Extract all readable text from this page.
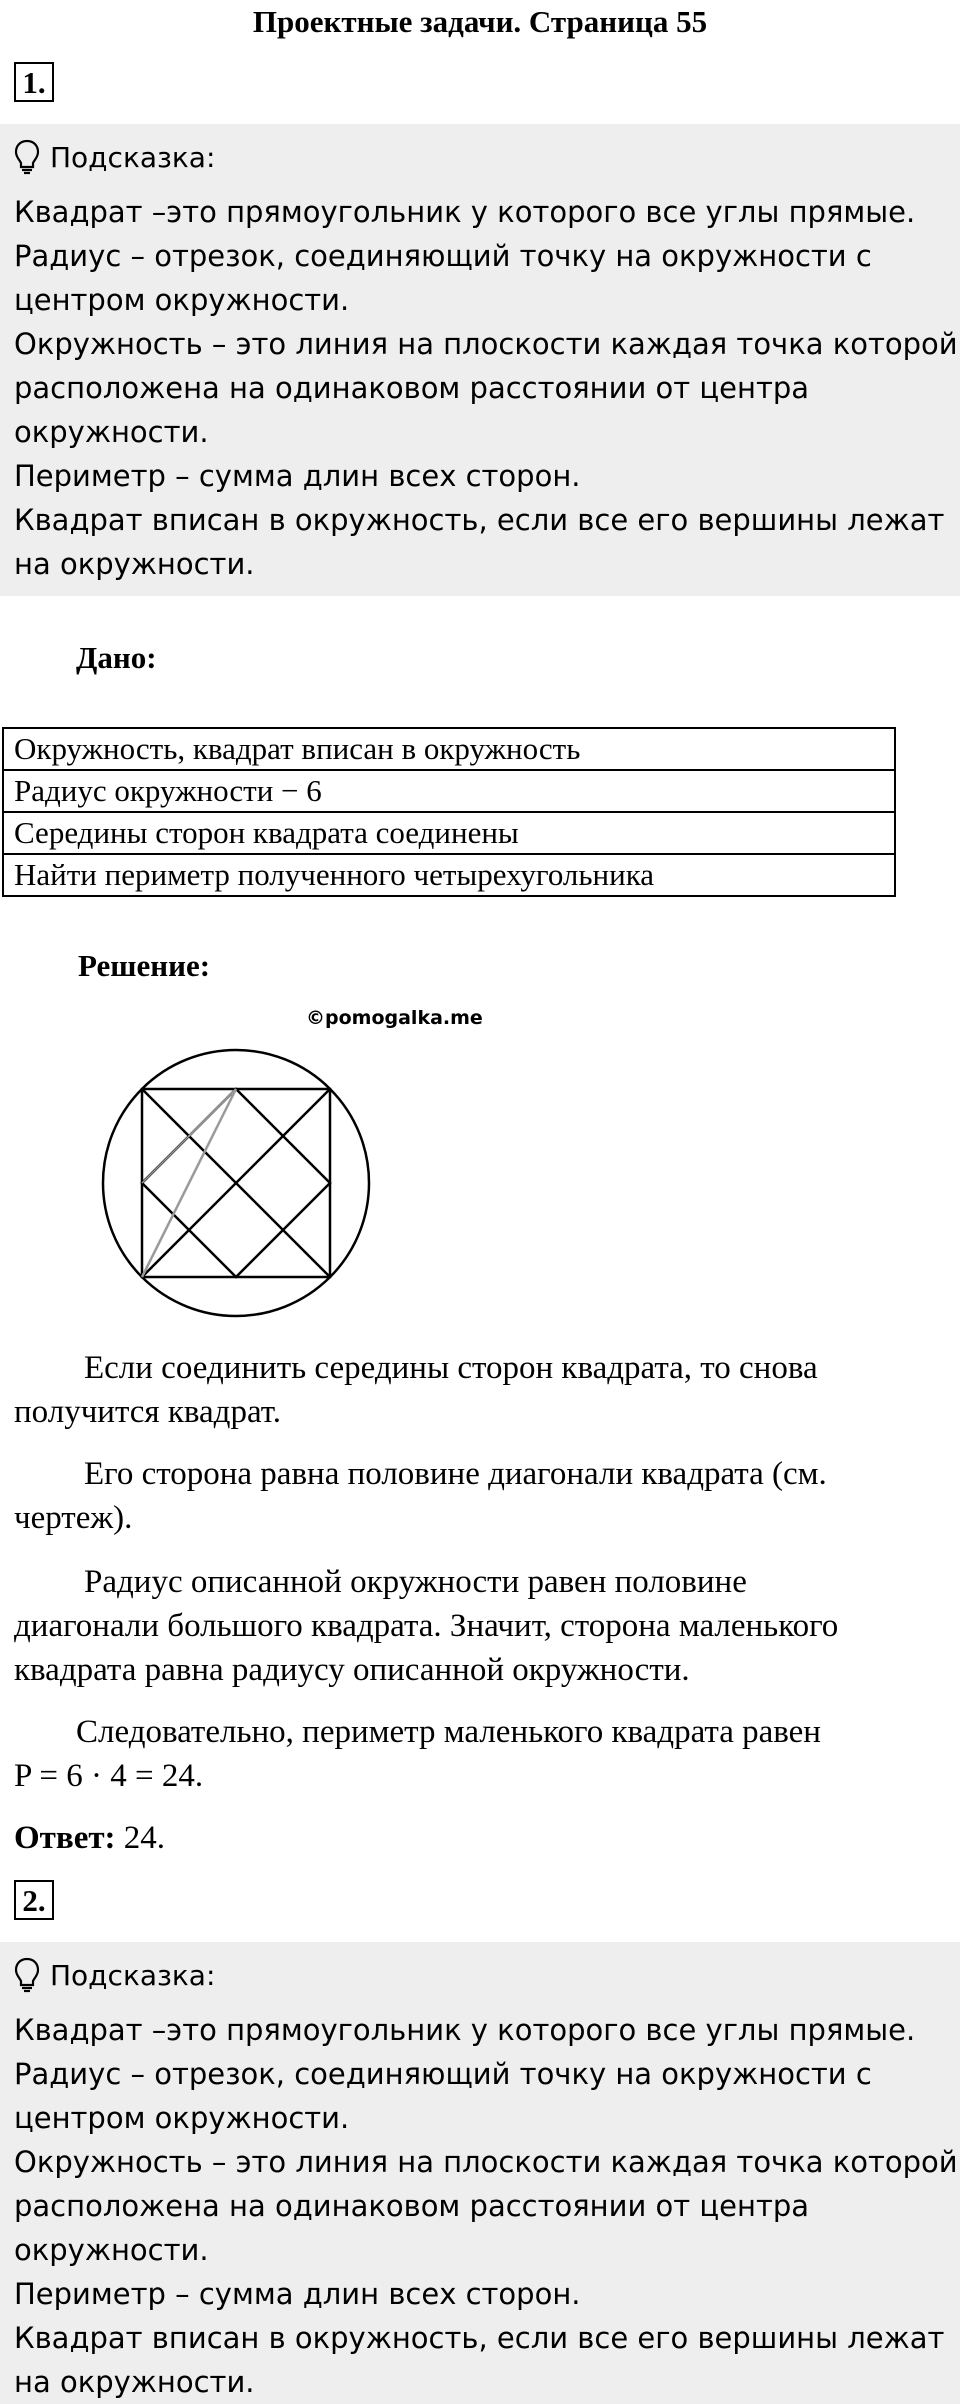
Проектные задачи. Страница 55
1.
Подсказка:
Квадрат –это прямоугольник у которого все углы прямые.
Радиус – отрезок, соединяющий точку на окружности с
центром окружности.
Окружность – это линия на плоскости каждая точка которой
расположена на одинаковом расстоянии от центра
окружности.
Периметр – сумма длин всех сторон.
Квадрат вписан в окружность, если все его вершины лежат
на окружности.
Дано:
Окружность, квадрат вписан в окружность
Радиус окружности − 6
Середины сторон квадрата соединены
Найти периметр полученного четырехугольника
Решение:
©pomogalka.me
Если соединить середины сторон квадрата, то снова
получится квадрат.
Его сторона равна половине диагонали квадрата (см.
чертеж).
Радиус описанной окружности равен половине
диагонали большого квадрата. Значит, сторона маленького
квадрата равна радиусу описанной окружности.
Следовательно, периметр маленького квадрата равен
P = 6 · 4 = 24.
Ответ: 24.
2.
Подсказка:
Квадрат –это прямоугольник у которого все углы прямые.
Радиус – отрезок, соединяющий точку на окружности с
центром окружности.
Окружность – это линия на плоскости каждая точка которой
расположена на одинаковом расстоянии от центра
окружности.
Периметр – сумма длин всех сторон.
Квадрат вписан в окружность, если все его вершины лежат
на окружности.
